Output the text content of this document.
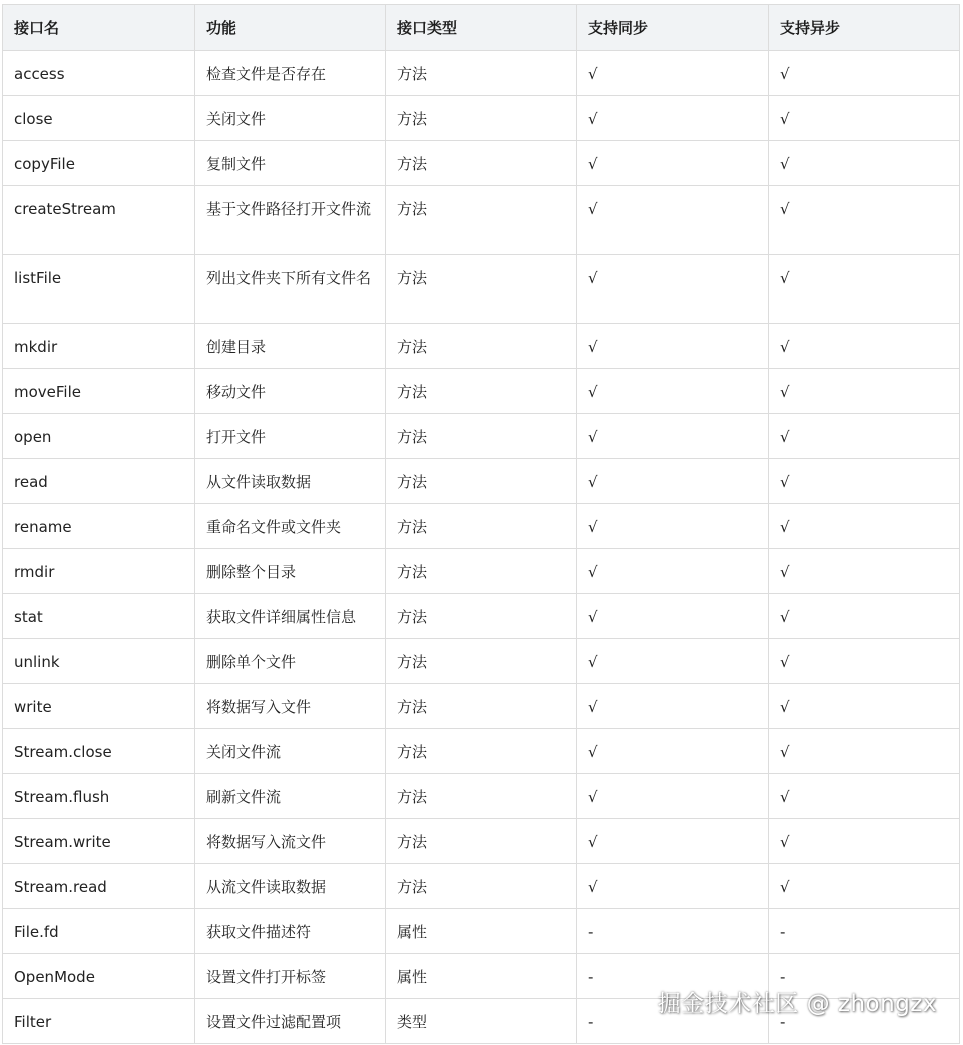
接口名	功能	接口类型	支持同步	支持异步
access	检查文件是否存在	方法	√	√
close	关闭文件	方法	√	√
copyFile	复制文件	方法	√	√
createStream	基于文件路径打开文件流	方法	√	√
listFile	列出文件夹下所有文件名	方法	√	√
mkdir	创建目录	方法	√	√
moveFile	移动文件	方法	√	√
open	打开文件	方法	√	√
read	从文件读取数据	方法	√	√
rename	重命名文件或文件夹	方法	√	√
rmdir	删除整个目录	方法	√	√
stat	获取文件详细属性信息	方法	√	√
unlink	删除单个文件	方法	√	√
write	将数据写入文件	方法	√	√
Stream.close	关闭文件流	方法	√	√
Stream.flush	刷新文件流	方法	√	√
Stream.write	将数据写入流文件	方法	√	√
Stream.read	从流文件读取数据	方法	√	√
File.fd	获取文件描述符	属性	-	-
OpenMode	设置文件打开标签	属性	-	-
Filter	设置文件过滤配置项	类型	-	-
掘金技术社区 @ zhongzx
